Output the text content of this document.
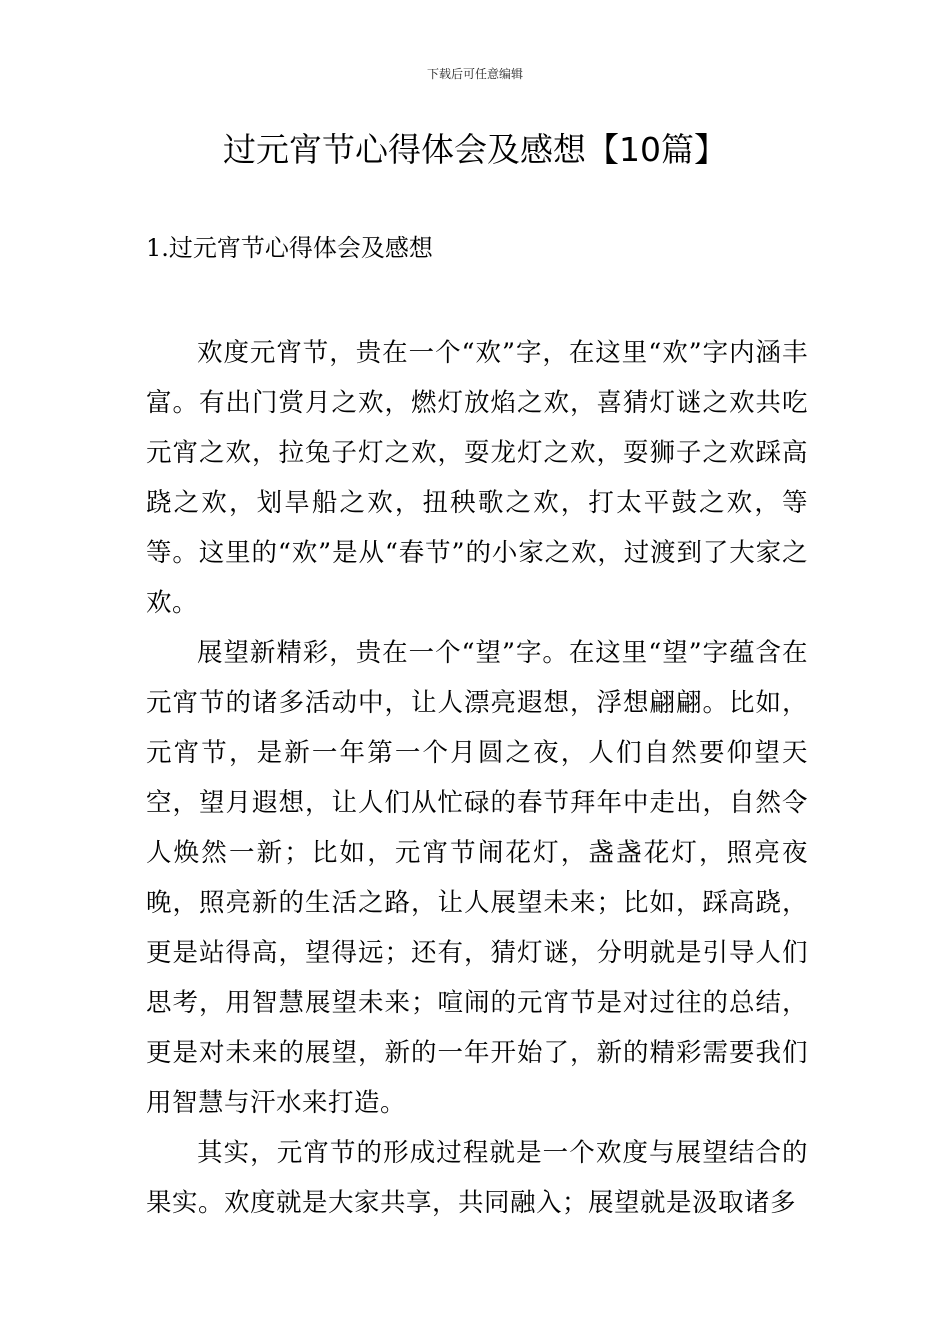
下载后可任意编辑
过元宵节心得体会及感想【10篇】
1.过元宵节心得体会及感想

欢度元宵节，贵在一个“欢”字，在这里“欢”字内涵丰富。有出门赏月之欢，燃灯放焰之欢，喜猜灯谜之欢共吃元宵之欢，拉兔子灯之欢，耍龙灯之欢，耍狮子之欢踩高跷之欢，划旱船之欢，扭秧歌之欢，打太平鼓之欢，等等。这里的“欢”是从“春节”的小家之欢，过渡到了大家之欢。

展望新精彩，贵在一个“望”字。在这里“望”字蕴含在元宵节的诸多活动中，让人漂亮遐想，浮想翩翩。比如，元宵节，是新一年第一个月圆之夜，人们自然要仰望天空，望月遐想，让人们从忙碌的春节拜年中走出，自然令人焕然一新；比如，元宵节闹花灯，盏盏花灯，照亮夜晚，照亮新的生活之路，让人展望未来；比如，踩高跷，更是站得高，望得远；还有，猜灯谜，分明就是引导人们思考，用智慧展望未来；喧闹的元宵节是对过往的总结，更是对未来的展望，新的一年开始了，新的精彩需要我们用智慧与汗水来打造。

其实，元宵节的形成过程就是一个欢度与展望结合的果实。欢度就是大家共享，共同融入；展望就是汲取诸多
